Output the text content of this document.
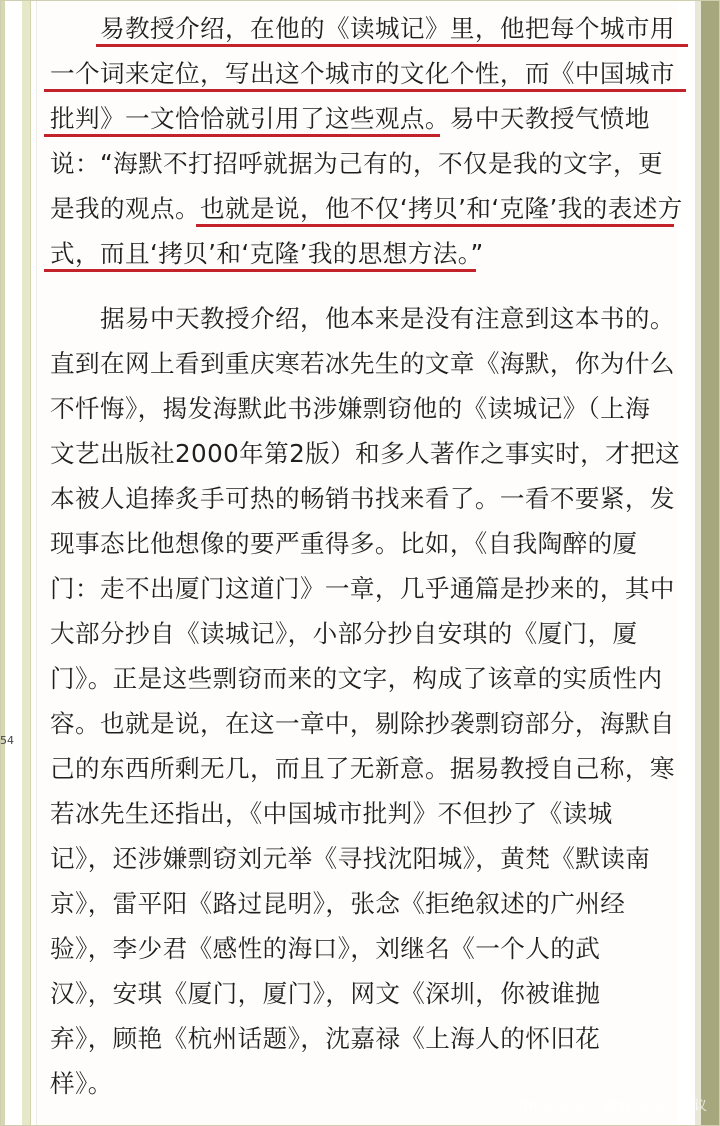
54
易教授介绍，在他的《读城记》里，他把每个城市用
一个词来定位，写出这个城市的文化个性，而《中国城市
批判》一文恰恰就引用了这些观点。易中天教授气愤地
说：“海默不打招呼就据为己有的，不仅是我的文字，更
是我的观点。也就是说，他不仅‘拷贝’和‘克隆’我的表述方
式，而且‘拷贝’和‘克隆’我的思想方法。”
据易中天教授介绍，他本来是没有注意到这本书的。
直到在网上看到重庆寒若冰先生的文章《海默，你为什么
不忏悔》，揭发海默此书涉嫌剽窃他的《读城记》（上海
文艺出版社2000年第2版）和多人著作之事实时，才把这
本被人追捧炙手可热的畅销书找来看了。一看不要紧，发
现事态比他想像的要严重得多。比如，《自我陶醉的厦
门：走不出厦门这道门》一章，几乎通篇是抄来的，其中
大部分抄自《读城记》，小部分抄自安琪的《厦门，厦
门》。正是这些剽窃而来的文字，构成了该章的实质性内
容。也就是说，在这一章中，剔除抄袭剽窃部分，海默自
己的东西所剩无几，而且了无新意。据易教授自己称，寒
若冰先生还指出，《中国城市批判》不但抄了《读城
记》，还涉嫌剽窃刘元举《寻找沈阳城》，黄梵《默读南
京》，雷平阳《路过昆明》，张念《拒绝叙述的广州经
验》，李少君《感性的海口》，刘继名《一个人的武
汉》，安琪《厦门，厦门》，网文《深圳，你被谁抛
弃》，顾艳《杭州话题》，沈嘉禄《上海人的怀旧花
样》。
IDCG 论坛 · 新浪 发布 · 热议
